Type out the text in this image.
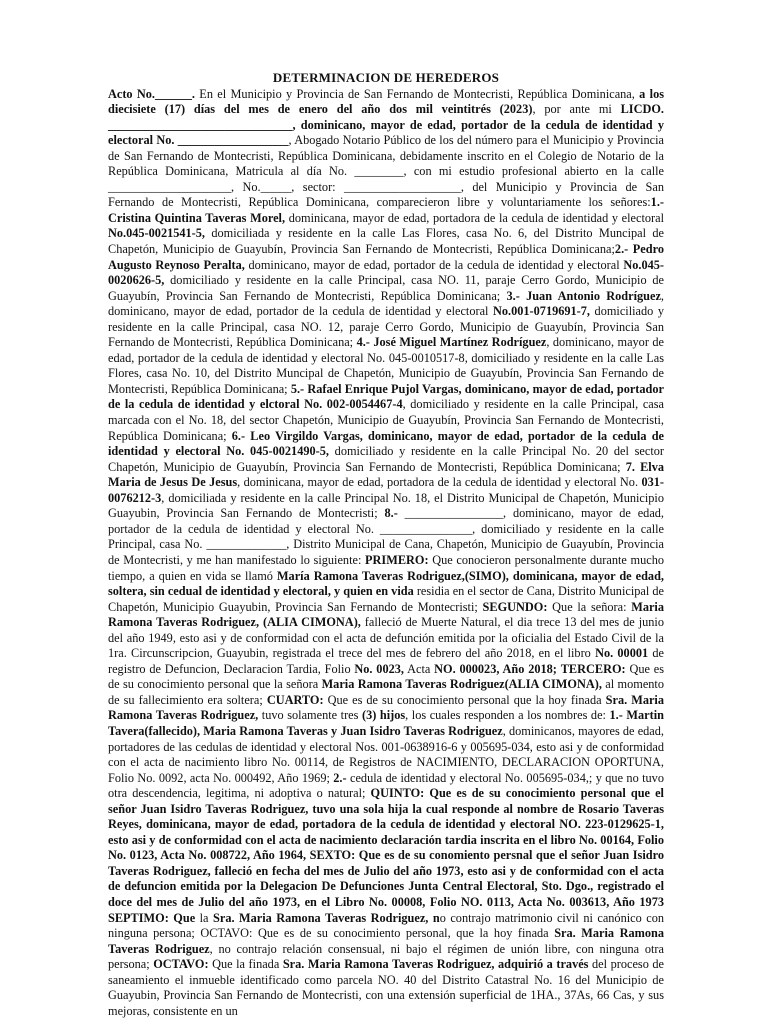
DETERMINACION DE HEREDEROS

Acto No.______. En el Municipio y Provincia de San Fernando de Montecristi, República Dominicana, a los diecisiete (17) días del mes de enero del año dos mil veintitrés (2023), por ante mi LICDO. ______________________________, dominicano, mayor de edad, portador de la cedula de identidad y electoral No. __________________, Abogado Notario Público de los del número para el Municipio y Provincia de San Fernando de Montecristi, República Dominicana, debidamente inscrito en el Colegio de Notario de la República Dominicana, Matricula al día No. ________, con mi estudio profesional abierto en la calle ____________________, No._____, sector: ___________________, del Municipio y Provincia de San Fernando de Montecristi, República Dominicana, comparecieron libre y voluntariamente los señores:1.- Cristina Quintina Taveras Morel, dominicana, mayor de edad, portadora de la cedula de identidad y electoral No.045-0021541-5, domiciliada y residente en la calle Las Flores, casa No. 6, del Distrito Muncipal de Chapetón, Municipio de Guayubín, Provincia San Fernando de Montecristi, República Dominicana;2.- Pedro Augusto Reynoso Peralta, dominicano, mayor de edad, portador de la cedula de identidad y electoral No.045-0020626-5, domiciliado y residente en la calle Principal, casa NO. 11, paraje Cerro Gordo, Municipio de Guayubín, Provincia San Fernando de Montecristi, República Dominicana; 3.- Juan Antonio Rodríguez, dominicano, mayor de edad, portador de la cedula de identidad y electoral No.001-0719691-7, domiciliado y residente en la calle Principal, casa NO. 12, paraje Cerro Gordo, Municipio de Guayubín, Provincia San Fernando de Montecristi, República Dominicana; 4.- José Miguel Martínez Rodríguez, dominicano, mayor de edad, portador de la cedula de identidad y electoral No. 045-0010517-8, domiciliado y residente en la calle Las Flores, casa No. 10, del Distrito Muncipal de Chapetón, Municipio de Guayubín, Provincia San Fernando de Montecristi, República Dominicana; 5.- Rafael Enrique Pujol Vargas, dominicano, mayor de edad, portador de la cedula de identidad y elctoral No. 002-0054467-4, domiciliado y residente en la calle Principal, casa marcada con el No. 18, del sector Chapetón, Municipio de Guayubín, Provincia San Fernando de Montecristi, República Dominicana; 6.- Leo Virgildo Vargas, dominicano, mayor de edad, portador de la cedula de identidad y electoral No. 045-0021490-5, domiciliado y residente en la calle Principal No. 20 del sector Chapetón, Municipio de Guayubín, Provincia San Fernando de Montecristi, República Dominicana; 7. Elva Maria de Jesus De Jesus, dominicana, mayor de edad, portadora de la cedula de identidad y electoral No. 031-0076212-3, domiciliada y residente en la calle Principal No. 18, el Distrito Municipal de Chapetón, Municipio Guayubin, Provincia San Fernando de Montecristi; 8.- ________________, dominicano, mayor de edad, portador de la cedula de identidad y electoral No. _______________, domiciliado y residente en la calle Principal, casa No. _____________, Distrito Municipal de Cana, Chapetón, Municipio de Guayubín, Provincia de Montecristi, y me han manifestado lo siguiente: PRIMERO: Que conocieron personalmente durante mucho tiempo, a quien en vida se llamó María Ramona Taveras Rodriguez,(SIMO), dominicana, mayor de edad, soltera, sin cedual de identidad y electoral, y quien en vida residia en el sector de Cana, Distrito Municipal de Chapetón, Municipio Guayubin, Provincia San Fernando de Montecristi; SEGUNDO: Que la señora: Maria Ramona Taveras Rodriguez, (ALIA CIMONA), falleció de Muerte Natural, el dia trece 13 del mes de junio del año 1949, esto asi y de conformidad con el acta de defunción emitida por la oficialia del Estado Civil de la 1ra. Circunscripcion, Guayubin, registrada el trece del mes de febrero del año 2018, en el libro No. 00001 de registro de Defuncion, Declaracion Tardia, Folio No. 0023, Acta NO. 000023, Año 2018; TERCERO: Que es de su conocimiento personal que la señora Maria Ramona Taveras Rodriguez(ALIA CIMONA), al momento de su fallecimiento era soltera; CUARTO: Que es de su conocimiento personal que la hoy finada Sra. Maria Ramona Taveras Rodriguez, tuvo solamente tres (3) hijos, los cuales responden a los nombres de: 1.- Martin Tavera(fallecido), Maria Ramona Taveras y Juan Isidro Taveras Rodriguez, dominicanos, mayores de edad, portadores de las cedulas de identidad y electoral Nos. 001-0638916-6 y 005695-034, esto asi y de conformidad con el acta de nacimiento libro No. 00114, de Registros de NACIMIENTO, DECLARACION OPORTUNA, Folio No. 0092, acta No. 000492, Año 1969; 2.- cedula de identidad y electoral No. 005695-034,; y que no tuvo otra descendencia, legitima, ni adoptiva o natural; QUINTO: Que es de su conocimiento personal que el señor Juan Isidro Taveras Rodriguez, tuvo una sola hija la cual responde al nombre de Rosario Taveras Reyes, dominicana, mayor de edad, portadora de la cedula de identidad y electoral NO. 223-0129625-1, esto asi y de conformidad con el acta de nacimiento declaración tardia inscrita en el libro No. 00164, Folio No. 0123, Acta No. 008722, Año 1964, SEXTO: Que es de su conomiento persnal que el señor Juan Isidro Taveras Rodriguez, falleció en fecha del mes de Julio del año 1973, esto asi y de conformidad con el acta de defuncion emitida por la Delegacion De Defunciones Junta Central Electoral, Sto. Dgo., registrado el doce del mes de Julio del año 1973, en el Libro No. 00008, Folio NO. 0113, Acta No. 003613, Año 1973 SEPTIMO: Que la Sra. Maria Ramona Taveras Rodriguez, no contrajo matrimonio civil ni canónico con ninguna persona; OCTAVO: Que es de su conocimiento personal, que la hoy finada Sra. Maria Ramona Taveras Rodriguez, no contrajo relación consensual, ni bajo el régimen de unión libre, con ninguna otra persona; OCTAVO: Que la finada Sra. Maria Ramona Taveras Rodriguez, adquirió a través del proceso de saneamiento el inmueble identificado como parcela NO. 40 del Distrito Catastral No. 16 del Municipio de Guayubin, Provincia San Fernando de Montecristi, con una extensión superficial de 1HA., 37As, 66 Cas, y sus mejoras, consistente en un
